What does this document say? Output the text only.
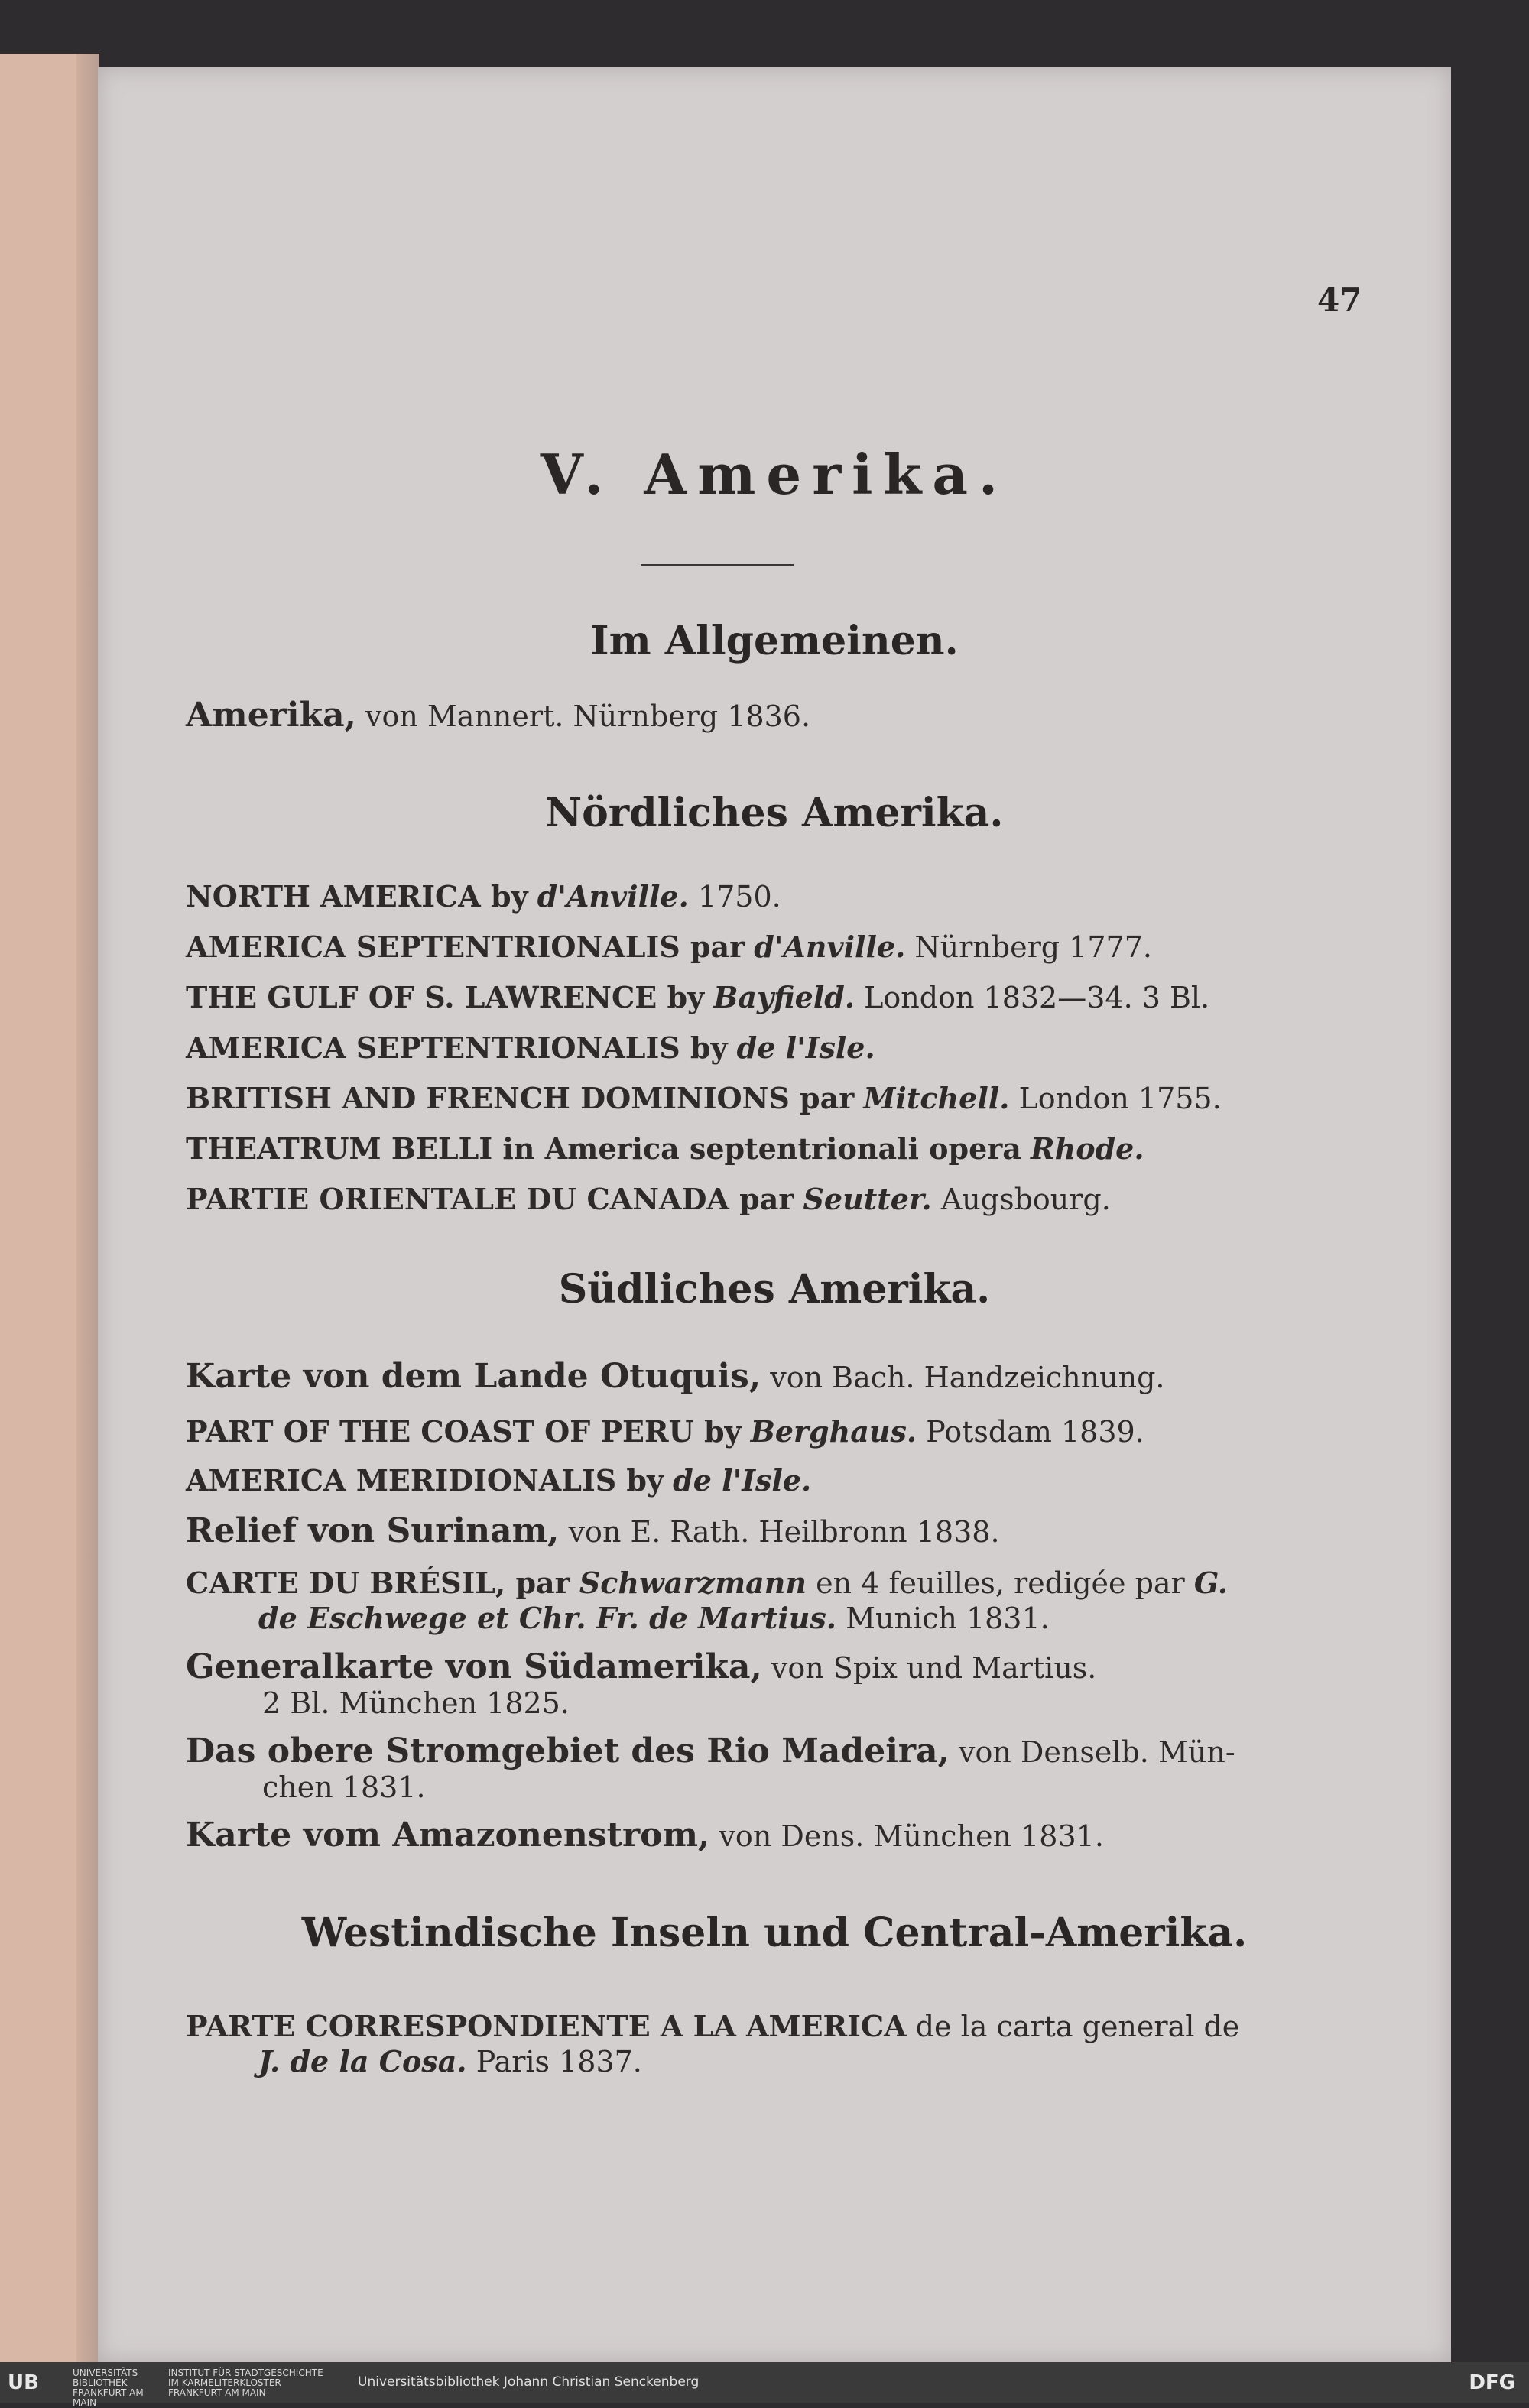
47
V. Amerika.
Im Allgemeinen.
Amerika, von Mannert. Nürnberg 1836.
Nördliches Amerika.
NORTH AMERICA by d'Anville. 1750.
AMERICA SEPTENTRIONALIS par d'Anville. Nürnberg 1777.
THE GULF OF S. LAWRENCE by Bayfield. London 1832—34. 3 Bl.
AMERICA SEPTENTRIONALIS by de l'Isle.
BRITISH AND FRENCH DOMINIONS par Mitchell. London 1755.
THEATRUM BELLI in America septentrionali opera Rhode.
PARTIE ORIENTALE DU CANADA par Seutter. Augsbourg.
Südliches Amerika.
Karte von dem Lande Otuquis, von Bach. Handzeichnung.
PART OF THE COAST OF PERU by Berghaus. Potsdam 1839.
AMERICA MERIDIONALIS by de l'Isle.
Relief von Surinam, von E. Rath. Heilbronn 1838.
CARTE DU BRÉSIL, par Schwarzmann en 4 feuilles, redigée par G.
de Eschwege et Chr. Fr. de Martius. Munich 1831.
Generalkarte von Südamerika, von Spix und Martius.
2 Bl. München 1825.
Das obere Stromgebiet des Rio Madeira, von Denselb. Mün-
chen 1831.
Karte vom Amazonenstrom, von Dens. München 1831.
Westindische Inseln und Central-Amerika.
PARTE CORRESPONDIENTE A LA AMERICA de la carta general de
J. de la Cosa. Paris 1837.
UB	UNIVERSITÄTS BIBLIOTHEK FRANKFURT AM MAIN
INSTITUT FÜR STADTGESCHICHTE
IM KARMELITERKLOSTER FRANKFURT AM MAIN
Universitätsbibliothek Johann Christian Senckenberg	DFG
